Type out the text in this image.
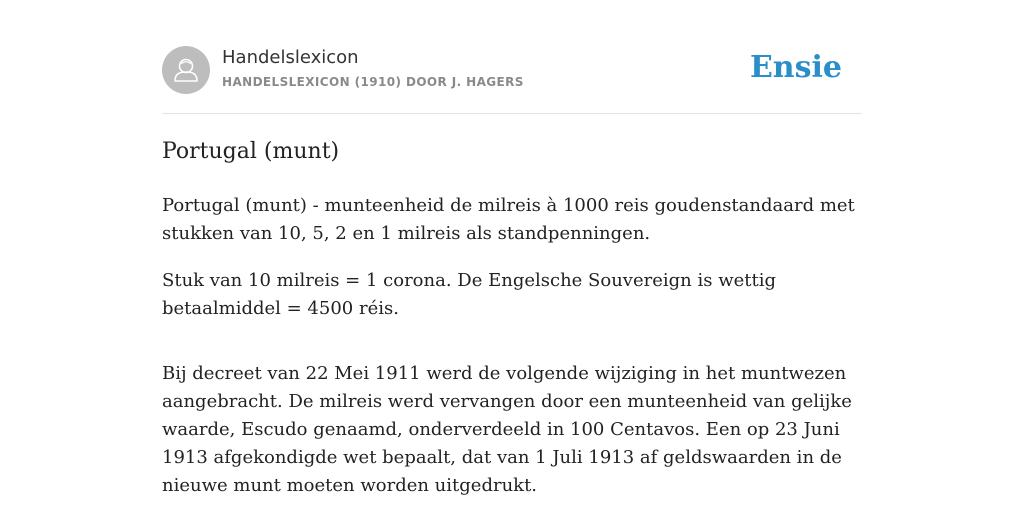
Handelslexicon
HANDELSLEXICON (1910) DOOR J. HAGERS	Ensie
Portugal (munt)

Portugal (munt) - munteenheid de milreis à 1000 reis goudenstandaard met stukken van 10, 5, 2 en 1 milreis als standpenningen.

Stuk van 10 milreis = 1 corona. De Engelsche Souvereign is wettig betaalmiddel = 4500 réis.

Bij decreet van 22 Mei 1911 werd de volgende wijziging in het muntwezen aangebracht. De milreis werd vervangen door een munteenheid van gelijke waarde, Escudo genaamd, onderverdeeld in 100 Centavos. Een op 23 Juni 1913 afgekondigde wet bepaalt, dat van 1 Juli 1913 af geldswaarden in de nieuwe munt moeten worden uitgedrukt.
